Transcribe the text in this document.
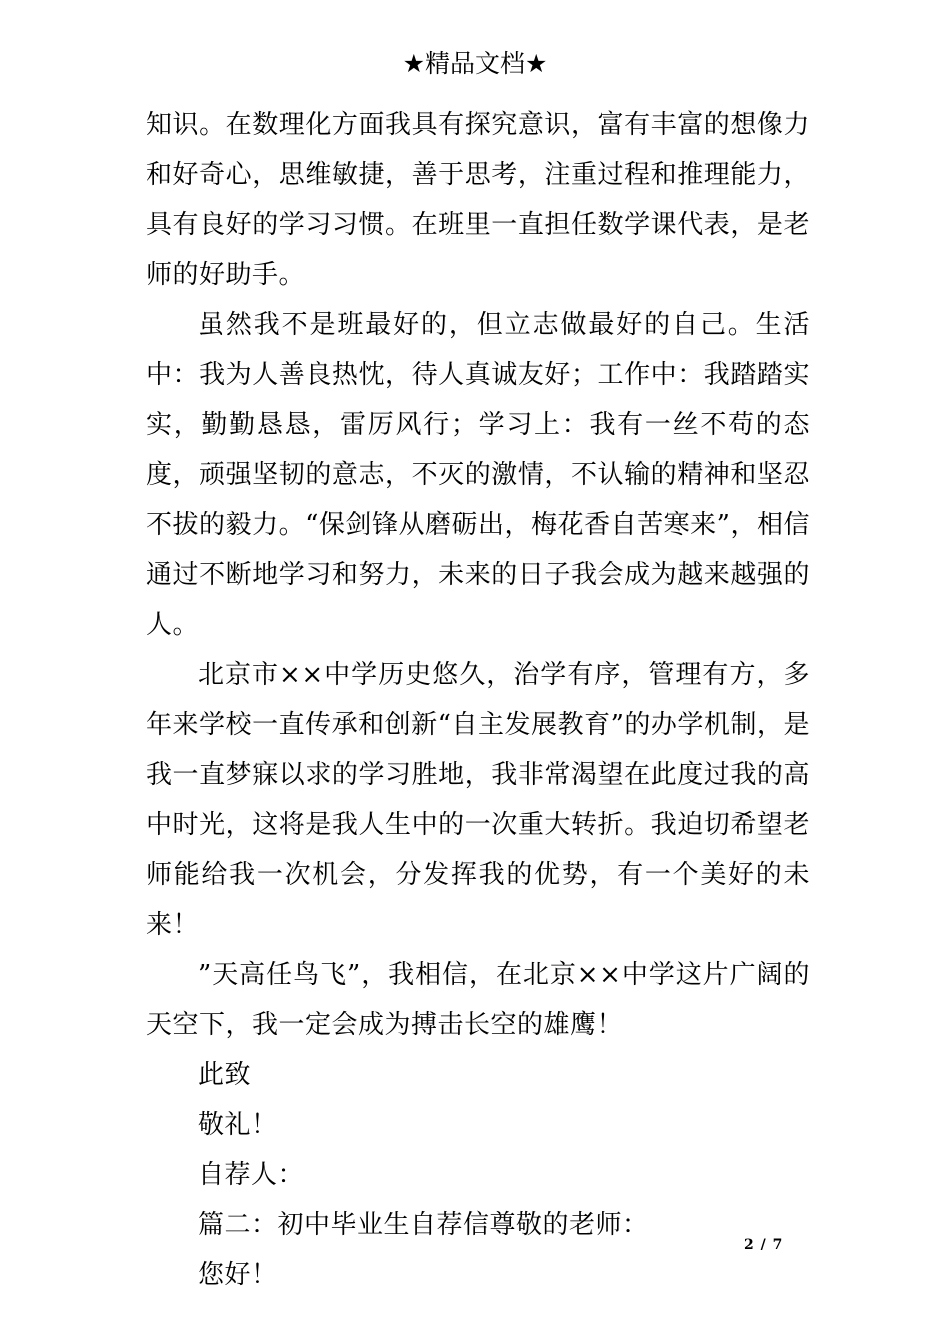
★精品文档★

知识。在数理化方面我具有探究意识，富有丰富的想像力和好奇心，思维敏捷，善于思考，注重过程和推理能力，具有良好的学习习惯。在班里一直担任数学课代表，是老师的好助手。

虽然我不是班最好的，但立志做最好的自己。生活中：我为人善良热忱，待人真诚友好；工作中：我踏踏实实，勤勤恳恳，雷厉风行；学习上：我有一丝不苟的态度，顽强坚韧的意志，不灭的激情，不认输的精神和坚忍不拔的毅力。“保剑锋从磨砺出，梅花香自苦寒来”，相信通过不断地学习和努力，未来的日子我会成为越来越强的人。

北京市××中学历史悠久，治学有序，管理有方，多年来学校一直传承和创新“自主发展教育”的办学机制，是我一直梦寐以求的学习胜地，我非常渴望在此度过我的高中时光，这将是我人生中的一次重大转折。我迫切希望老师能给我一次机会，分发挥我的优势，有一个美好的未来！

”天高任鸟飞”，我相信，在北京××中学这片广阔的天空下，我一定会成为搏击长空的雄鹰！

此致

敬礼！

自荐人：

篇二：初中毕业生自荐信尊敬的老师：

您好！

2 / 7
